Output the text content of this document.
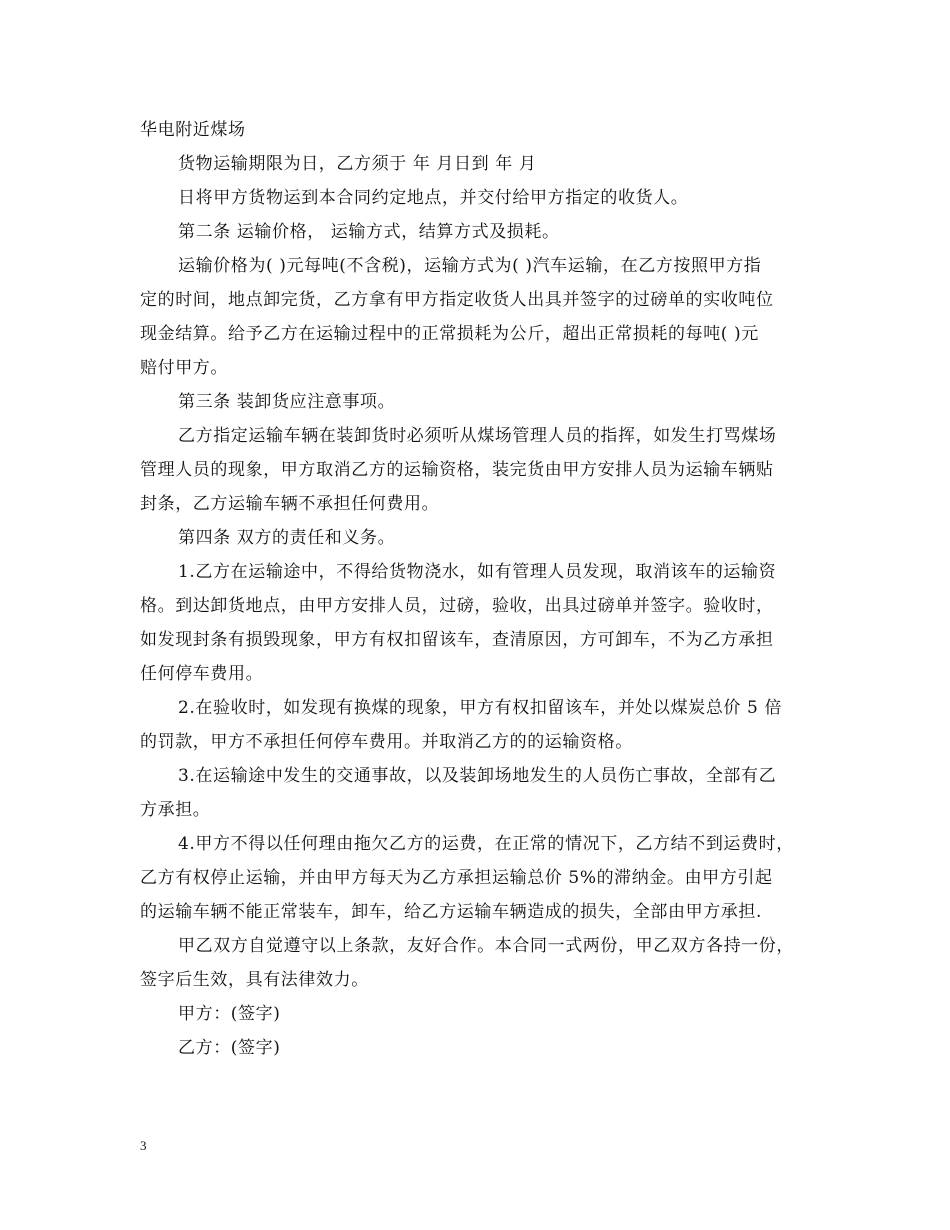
华电附近煤场
货物运输期限为日，乙方须于 年 月日到 年 月
日将甲方货物运到本合同约定地点，并交付给甲方指定的收货人。
第二条 运输价格， 运输方式，结算方式及损耗。
运输价格为( )元每吨(不含税)，运输方式为( )汽车运输，在乙方按照甲方指
定的时间，地点卸完货，乙方拿有甲方指定收货人出具并签字的过磅单的实收吨位
现金结算。给予乙方在运输过程中的正常损耗为公斤，超出正常损耗的每吨( )元
赔付甲方。
第三条 装卸货应注意事项。
乙方指定运输车辆在装卸货时必须听从煤场管理人员的指挥，如发生打骂煤场
管理人员的现象，甲方取消乙方的运输资格，装完货由甲方安排人员为运输车辆贴
封条，乙方运输车辆不承担任何费用。
第四条 双方的责任和义务。
1.乙方在运输途中，不得给货物浇水，如有管理人员发现，取消该车的运输资
格。到达卸货地点，由甲方安排人员，过磅，验收，出具过磅单并签字。验收时，
如发现封条有损毁现象，甲方有权扣留该车，查清原因，方可卸车，不为乙方承担
任何停车费用。
2.在验收时，如发现有换煤的现象，甲方有权扣留该车，并处以煤炭总价 5 倍
的罚款，甲方不承担任何停车费用。并取消乙方的的运输资格。
3.在运输途中发生的交通事故，以及装卸场地发生的人员伤亡事故，全部有乙
方承担。
4.甲方不得以任何理由拖欠乙方的运费，在正常的情况下，乙方结不到运费时，
乙方有权停止运输，并由甲方每天为乙方承担运输总价 5%的滞纳金。由甲方引起
的运输车辆不能正常装车，卸车，给乙方运输车辆造成的损失，全部由甲方承担.
甲乙双方自觉遵守以上条款，友好合作。本合同一式两份，甲乙双方各持一份，
签字后生效，具有法律效力。
甲方：(签字)
乙方：(签字)
3
